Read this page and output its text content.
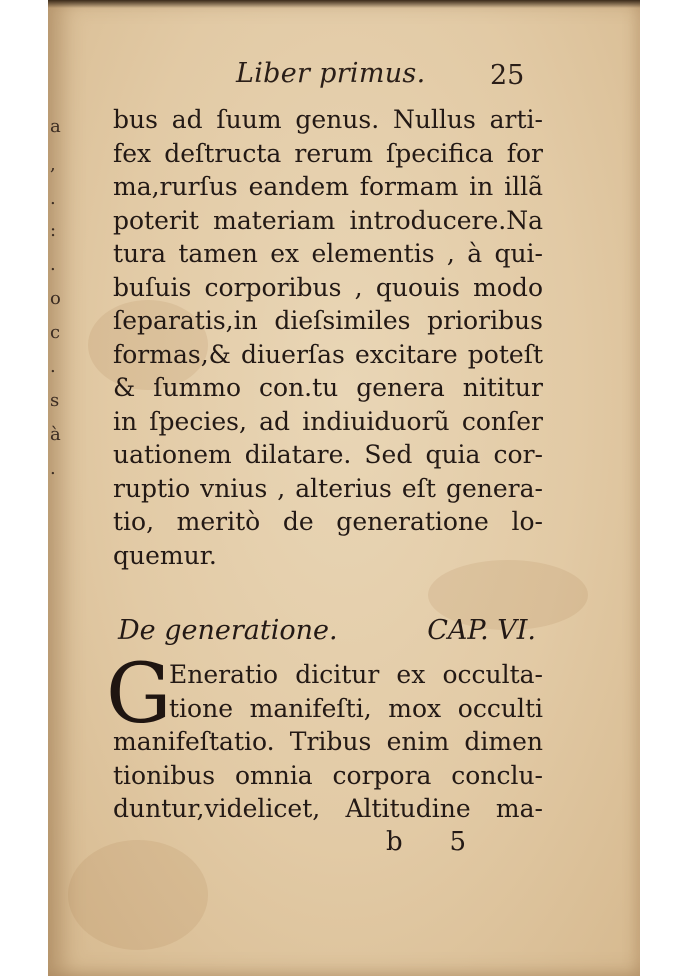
a
,
.
:
.
o
c
.
s
à
.
Liber primus. 25
bus ad ſuum genus. Nullus arti-
fex deſtructa rerum ſpecifica for
ma,rurſus eandem formam in illã
poterit materiam introducere.Na
tura tamen ex elementis , à qui-
buſuis corporibus , quouis modo
ſeparatis,in dieſsimiles prioribus
formas,& diuerſas excitare poteſt
& ſummo con.tu genera nititur
in ſpecies, ad indiuiduorũ conſer
uationem dilatare. Sed quia cor-
ruptio vnius , alterius eſt genera-
tio, meritò de generatione lo-
quemur.
De generatione.	CAP. VI.
G
Eneratio dicitur ex occulta-
tione manifeſti, mox occulti
manifeſtatio. Tribus enim dimen
tionibus omnia corpora conclu-
duntur,videlicet, Altitudine ma-
b 5
